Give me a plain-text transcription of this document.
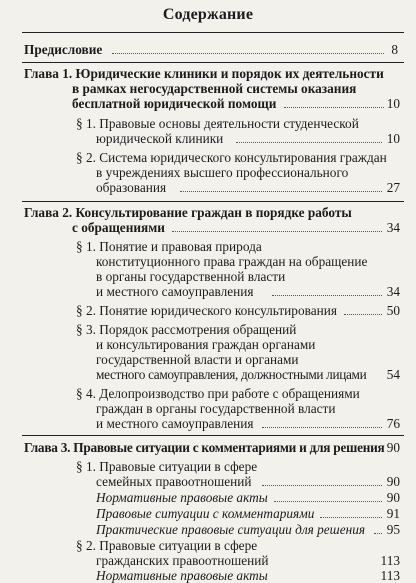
Содержание
Предисловие	8
Глава 1. Юридические клиники и порядок их деятельности
в рамках негосударственной системы оказания
бесплатной юридической помощи	10
§ 1. Правовые основы деятельности студенческой
юридической клиники	10
§ 2. Система юридического консультирования граждан
в учреждениях высшего профессионального
образования	27
Глава 2. Консультирование граждан в порядке работы
с обращениями	34
§ 1. Понятие и правовая природа
конституционного права граждан на обращение
в органы государственной власти
и местного самоуправления	34
§ 2. Понятие юридического консультирования	50
§ 3. Порядок рассмотрения обращений
и консультирования граждан органами
государственной власти и органами
местного самоуправления, должностными лицами 54
§ 4. Делопроизводство при работе с обращениями
граждан в органы государственной власти
и местного самоуправления	76
Глава 3. Правовые ситуации с комментариями и для решения 90
§ 1. Правовые ситуации в сфере
семейных правоотношений	90
Нормативные правовые акты	90
Правовые ситуации с комментариями	91
Практические правовые ситуации для решения 95
§ 2. Правовые ситуации в сфере
гражданских правоотношений	113
Нормативные правовые акты	113
